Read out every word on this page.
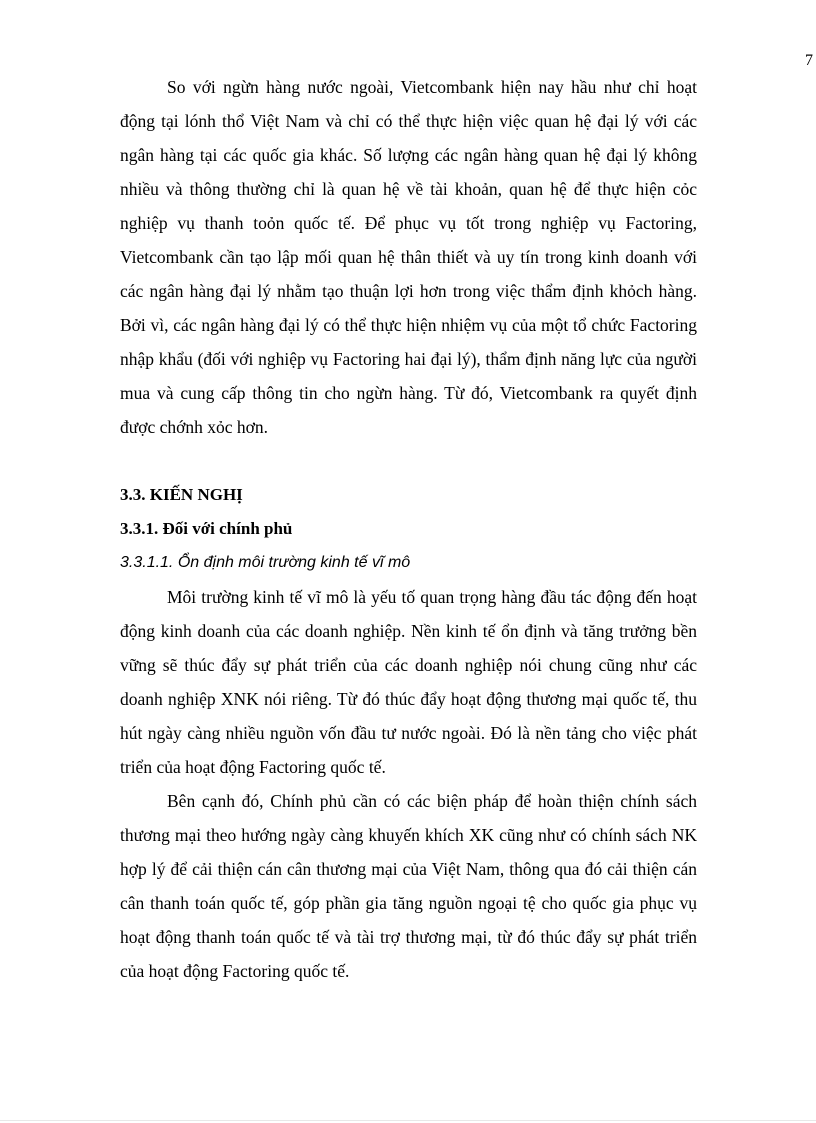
7

So với ngừn hàng nước ngoài, Vietcombank hiện nay hầu như chỉ hoạt động tại lónh thổ Việt Nam và chỉ có thể thực hiện việc quan hệ đại lý với các ngân hàng tại các quốc gia khác. Số lượng các ngân hàng quan hệ đại lý không nhiều và thông thường chỉ là quan hệ về tài khoản, quan hệ để thực hiện cỏc nghiệp vụ thanh toỏn quốc tế. Để phục vụ tốt trong nghiệp vụ Factoring, Vietcombank cần tạo lập mối quan hệ thân thiết và uy tín trong kinh doanh với các ngân hàng đại lý nhằm tạo thuận lợi hơn trong việc thẩm định khỏch hàng. Bởi vì, các ngân hàng đại lý có thể thực hiện nhiệm vụ của một tổ chức Factoring nhập khẩu (đối với nghiệp vụ Factoring hai đại lý), thẩm định năng lực của người mua và cung cấp thông tin cho ngừn hàng. Từ đó, Vietcombank ra quyết định được chớnh xỏc hơn.

3.3. KIẾN NGHỊ

3.3.1. Đối với chính phủ

3.3.1.1. Ổn định môi trường kinh tế vĩ mô

Môi trường kinh tế vĩ mô là yếu tố quan trọng hàng đầu tác động đến hoạt động kinh doanh của các doanh nghiệp. Nền kinh tế ổn định và tăng trưởng bền vững sẽ thúc đẩy sự phát triển của các doanh nghiệp nói chung cũng như các doanh nghiệp XNK nói riêng. Từ đó thúc đẩy hoạt động thương mại quốc tế, thu hút ngày càng nhiều nguồn vốn đầu tư nước ngoài. Đó là nền tảng cho việc phát triển của hoạt động Factoring quốc tế.

Bên cạnh đó, Chính phủ cần có các biện pháp để hoàn thiện chính sách thương mại theo hướng ngày càng khuyến khích XK cũng như có chính sách NK hợp lý để cải thiện cán cân thương mại của Việt Nam, thông qua đó cải thiện cán cân thanh toán quốc tế, góp phần gia tăng nguồn ngoại tệ cho quốc gia phục vụ hoạt động thanh toán quốc tế và tài trợ thương mại, từ đó thúc đẩy sự phát triển của hoạt động Factoring quốc tế.
